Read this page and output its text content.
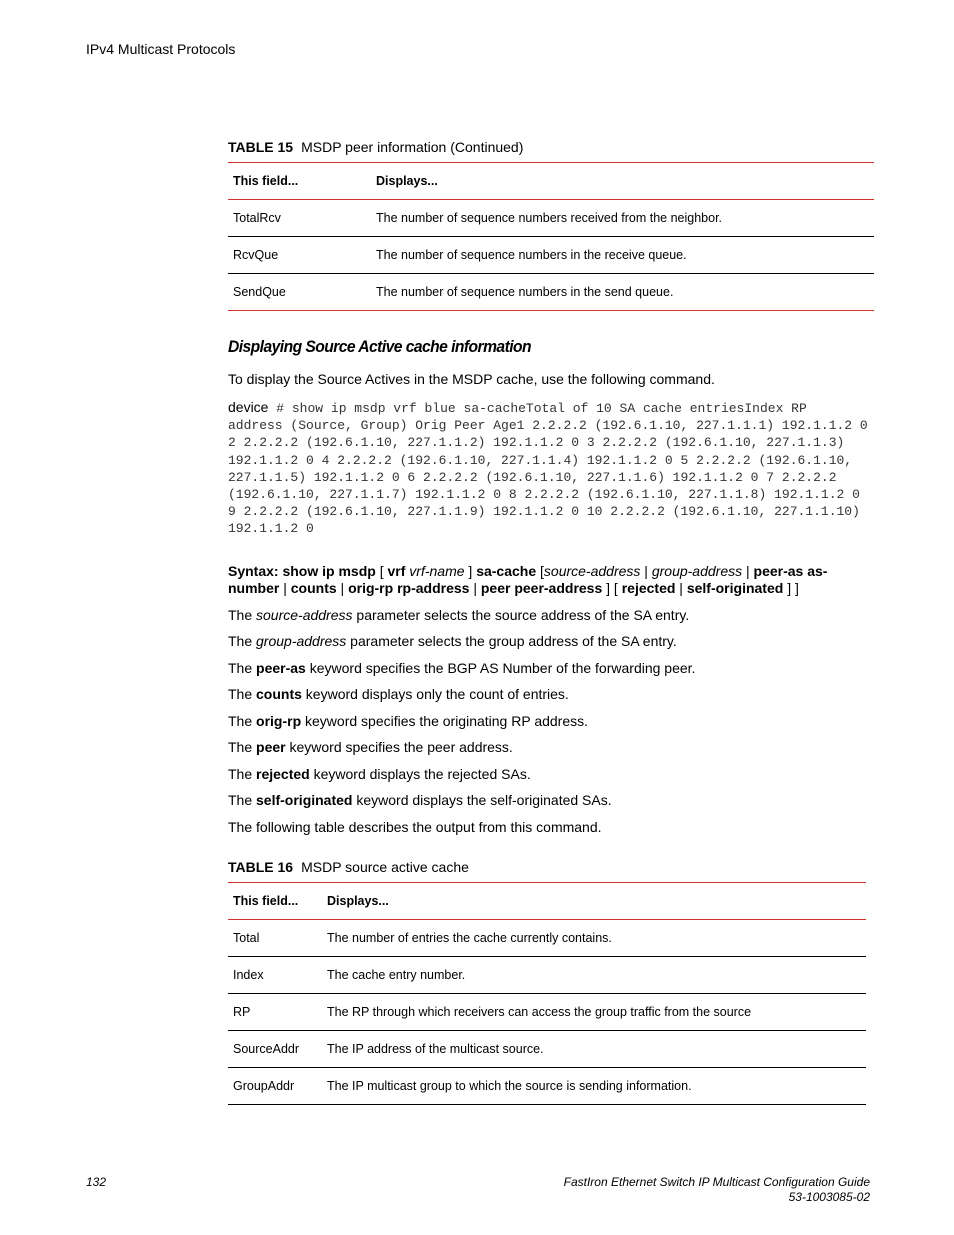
IPv4 Multicast Protocols
TABLE 15 MSDP peer information (Continued)
This field...	Displays...
TotalRcv	The number of sequence numbers received from the neighbor.
RcvQue	The number of sequence numbers in the receive queue.
SendQue	The number of sequence numbers in the send queue.
Displaying Source Active cache information
To display the Source Actives in the MSDP cache, use the following command.
device # show ip msdp vrf blue sa-cacheTotal of 10 SA cache entriesIndex RP address (Source, Group) Orig Peer Age1 2.2.2.2 (192.6.1.10, 227.1.1.1) 192.1.1.2 0 2 2.2.2.2 (192.6.1.10, 227.1.1.2) 192.1.1.2 0 3 2.2.2.2 (192.6.1.10, 227.1.1.3) 192.1.1.2 0 4 2.2.2.2 (192.6.1.10, 227.1.1.4) 192.1.1.2 0 5 2.2.2.2 (192.6.1.10, 227.1.1.5) 192.1.1.2 0 6 2.2.2.2 (192.6.1.10, 227.1.1.6) 192.1.1.2 0 7 2.2.2.2 (192.6.1.10, 227.1.1.7) 192.1.1.2 0 8 2.2.2.2 (192.6.1.10, 227.1.1.8) 192.1.1.2 0 9 2.2.2.2 (192.6.1.10, 227.1.1.9) 192.1.1.2 0 10 2.2.2.2 (192.6.1.10, 227.1.1.10) 192.1.1.2 0
Syntax: show ip msdp [ vrf vrf-name ] sa-cache [source-address | group-address | peer-as as-number | counts | orig-rp rp-address | peer peer-address ] [ rejected | self-originated ] ]
The source-address parameter selects the source address of the SA entry.
The group-address parameter selects the group address of the SA entry.
The peer-as keyword specifies the BGP AS Number of the forwarding peer.
The counts keyword displays only the count of entries.
The orig-rp keyword specifies the originating RP address.
The peer keyword specifies the peer address.
The rejected keyword displays the rejected SAs.
The self-originated keyword displays the self-originated SAs.
The following table describes the output from this command.
TABLE 16 MSDP source active cache
This field...	Displays...
Total	The number of entries the cache currently contains.
Index	The cache entry number.
RP	The RP through which receivers can access the group traffic from the source
SourceAddr	The IP address of the multicast source.
GroupAddr	The IP multicast group to which the source is sending information.
132	FastIron Ethernet Switch IP Multicast Configuration Guide
53-1003085-02
